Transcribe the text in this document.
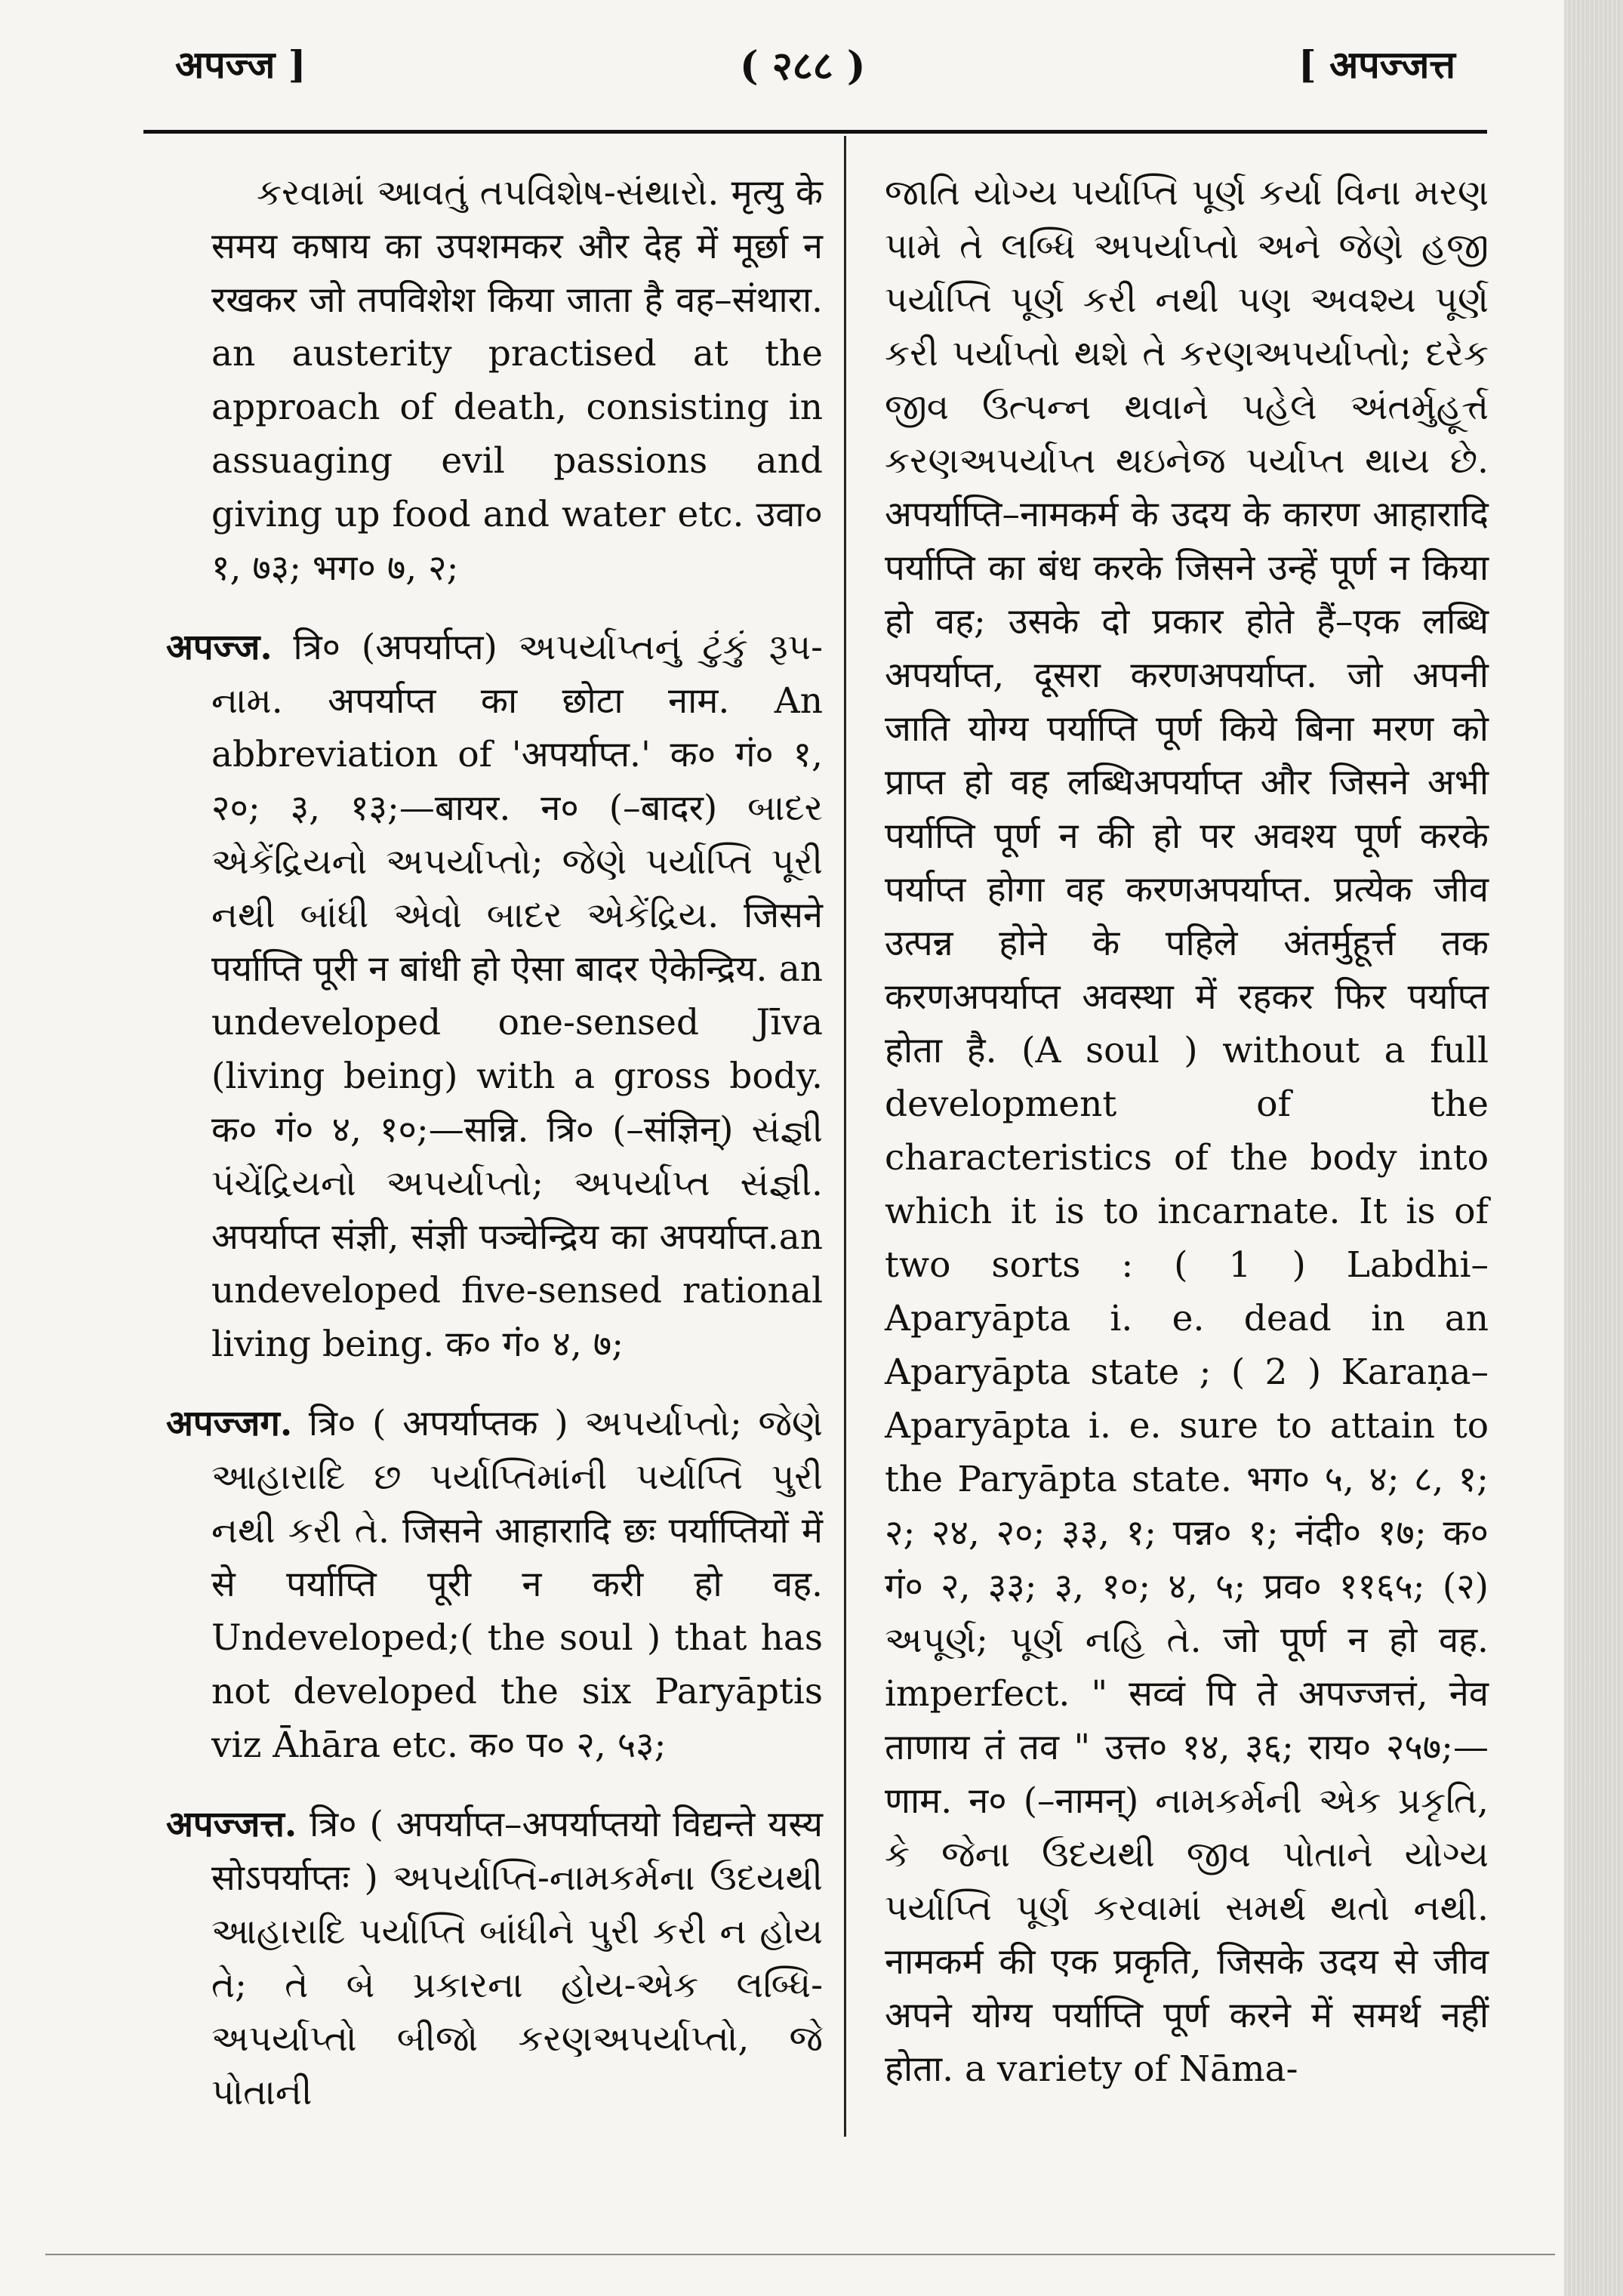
अपज्ज ]	( २८८ )	[ अपज्जत्त

કરવામાં આવતું તપવિશેષ-સંથારો. मृत्यु के समय कषाय का उपशमकर और देह में मूर्छा न रखकर जो तपविशेश किया जाता है वह–संथारा. an austerity practised at the approach of death, consisting in assuaging evil passions and giving up food and water etc. उवा० १, ७३; भग० ७, २;

अपज्ज. त्रि० (अपर्याप्त) અપર્યાપ્તનું ટુંકું રૂપ-નામ. अपर्याप्त का छोटा नाम. An abbreviation of 'अपर्याप्त.' क० गं० १, २०; ३, १३;—बायर. न० (–बादर) બાદર એકેંદ્રિયનો અપર્યાપ્તો; જેણે પર્યાપ્તિ પૂરી નથી બાંધી એવો બાદર એકેંદ્રિય. जिसने पर्याप्ति पूरी न बांधी हो ऐसा बादर ऐकेन्द्रिय. an undeveloped one-sensed Jīva (living being) with a gross body. क० गं० ४, १०;—सन्नि. त्रि० (–संज्ञिन्) સંજ્ઞી પંચેંદ્રિયનો અપર્યાપ્તો; અપર્યાપ્ત સંજ્ઞી. अपर्याप्त संज्ञी, संज्ञी पञ्चेन्द्रिय का अपर्याप्त.an undeveloped five-sensed rational living being. क० गं० ४, ७;

अपज्जग. त्रि० ( अपर्याप्तक ) અપર્યાપ્તો; જેણે આહારાદિ છ પર્યાપ્તિમાંની પર્યાપ્તિ પુરી નથી કરી તે. जिसने आहारादि छः पर्याप्तियों में से पर्याप्ति पूरी न करी हो वह. Undeveloped;( the soul ) that has not developed the six Paryāptis viz Āhāra etc. क० प० २, ५३;

अपज्जत्त. त्रि० ( अपर्याप्त–अपर्याप्तयो विद्यन्ते यस्य सोऽपर्याप्तः ) અપર્યાપ્તિ-નામકર્મના ઉદયથી આહારાદિ પર્યાપ્તિ બાંધીને પુરી કરી ન હોય તે; તે બે પ્રકારના હોય-એક લબ્ધિ-અપર્યાપ્તો બીજો કરણઅપર્યાપ્તો, જે પોતાની

જાતિ યોગ્ય પર્યાપ્તિ પૂર્ણ કર્યા વિના મરણ પામે તે લબ્ધિ અપર્યાપ્તો અને જેણે હજી પર્યાપ્તિ પૂર્ણ કરી નથી પણ અવશ્ય પૂર્ણ કરી પર્યાપ્તો થશે તે કરણઅપર્યાપ્તો; દરેક જીવ ઉત્પન્ન થવાને પહેલે અંતર્મુહૂર્ત્ત કરણઅપર્યાપ્ત થઇનેજ પર્યાપ્ત થાય છે. अपर्याप्ति–नामकर्म के उदय के कारण आहारादि पर्याप्ति का बंध करके जिसने उन्हें पूर्ण न किया हो वह; उसके दो प्रकार होते हैं–एक लब्धि अपर्याप्त, दूसरा करणअपर्याप्त. जो अपनी जाति योग्य पर्याप्ति पूर्ण किये बिना मरण को प्राप्त हो वह लब्धिअपर्याप्त और जिसने अभी पर्याप्ति पूर्ण न की हो पर अवश्य पूर्ण करके पर्याप्त होगा वह करणअपर्याप्त. प्रत्येक जीव उत्पन्न होने के पहिले अंतर्मुहूर्त्त तक करणअपर्याप्त अवस्था में रहकर फिर पर्याप्त होता है. (A soul ) without a full development of the characteristics of the body into which it is to incarnate. It is of two sorts : ( 1 ) Labdhi–Aparyāpta i. e. dead in an Aparyāpta state ; ( 2 ) Karaṇa–Aparyāpta i. e. sure to attain to the Paryāpta state. भग० ५, ४; ८, १; २; २४, २०; ३३, १; पन्न० १; नंदी० १७; क० गं० २, ३३; ३, १०; ४, ५; प्रव० ११६५; (२) અપૂર્ણ; પૂર્ણ નહિ તે. जो पूर्ण न हो वह. imperfect. " सव्वं पि ते अपज्जत्तं, नेव ताणाय तं तव " उत्त० १४, ३६; राय० २५७;—णाम. न० (–नामन्) નામકર્મની એક પ્રકૃતિ, કે જેના ઉદયથી જીવ પોતાને યોગ્ય પર્યાપ્તિ પૂર્ણ કરવામાં સમર્થ થતો નથી. नामकर्म की एक प्रकृति, जिसके उदय से जीव अपने योग्य पर्याप्ति पूर्ण करने में समर्थ नहीं होता. a variety of Nāma-
